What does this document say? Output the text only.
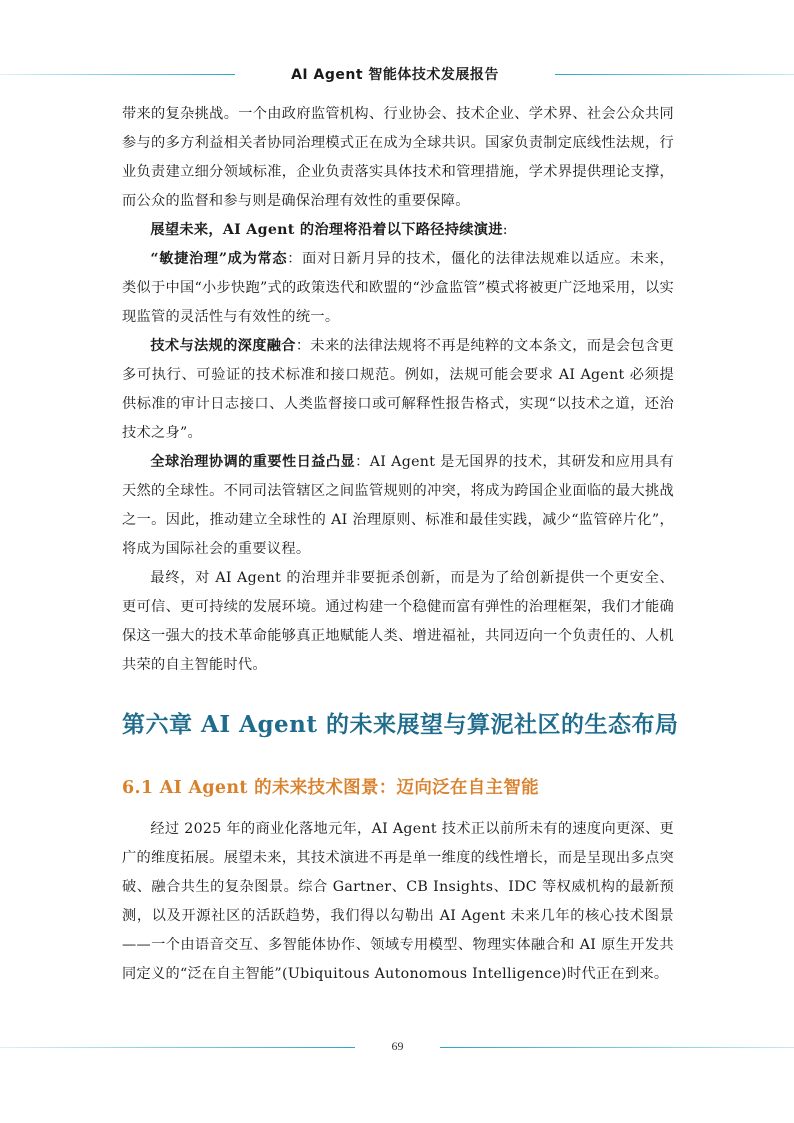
AI Agent 智能体技术发展报告

带来的复杂挑战。一个由政府监管机构、行业协会、技术企业、学术界、社会公众共同参与的多方利益相关者协同治理模式正在成为全球共识。国家负责制定底线性法规，行业负责建立细分领域标准，企业负责落实具体技术和管理措施，学术界提供理论支撑，而公众的监督和参与则是确保治理有效性的重要保障。

展望未来，AI Agent 的治理将沿着以下路径持续演进:

“敏捷治理”成为常态：面对日新月异的技术，僵化的法律法规难以适应。未来，类似于中国“小步快跑”式的政策迭代和欧盟的“沙盒监管”模式将被更广泛地采用，以实现监管的灵活性与有效性的统一。

技术与法规的深度融合：未来的法律法规将不再是纯粹的文本条文，而是会包含更多可执行、可验证的技术标准和接口规范。例如，法规可能会要求 AI Agent 必须提供标准的审计日志接口、人类监督接口或可解释性报告格式，实现“以技术之道，还治技术之身”。

全球治理协调的重要性日益凸显：AI Agent 是无国界的技术，其研发和应用具有天然的全球性。不同司法管辖区之间监管规则的冲突，将成为跨国企业面临的最大挑战之一。因此，推动建立全球性的 AI 治理原则、标准和最佳实践，减少“监管碎片化”，将成为国际社会的重要议程。

最终，对 AI Agent 的治理并非要扼杀创新，而是为了给创新提供一个更安全、更可信、更可持续的发展环境。通过构建一个稳健而富有弹性的治理框架，我们才能确保这一强大的技术革命能够真正地赋能人类、增进福祉，共同迈向一个负责任的、人机共荣的自主智能时代。

第六章 AI Agent 的未来展望与算泥社区的生态布局
6.1 AI Agent 的未来技术图景：迈向泛在自主智能

经过 2025 年的商业化落地元年，AI Agent 技术正以前所未有的速度向更深、更广的维度拓展。展望未来，其技术演进不再是单一维度的线性增长，而是呈现出多点突破、融合共生的复杂图景。综合 Gartner、CB Insights、IDC 等权威机构的最新预测，以及开源社区的活跃趋势，我们得以勾勒出 AI Agent 未来几年的核心技术图景——一个由语音交互、多智能体协作、领域专用模型、物理实体融合和 AI 原生开发共同定义的“泛在自主智能”(Ubiquitous Autonomous Intelligence)时代正在到来。

69
